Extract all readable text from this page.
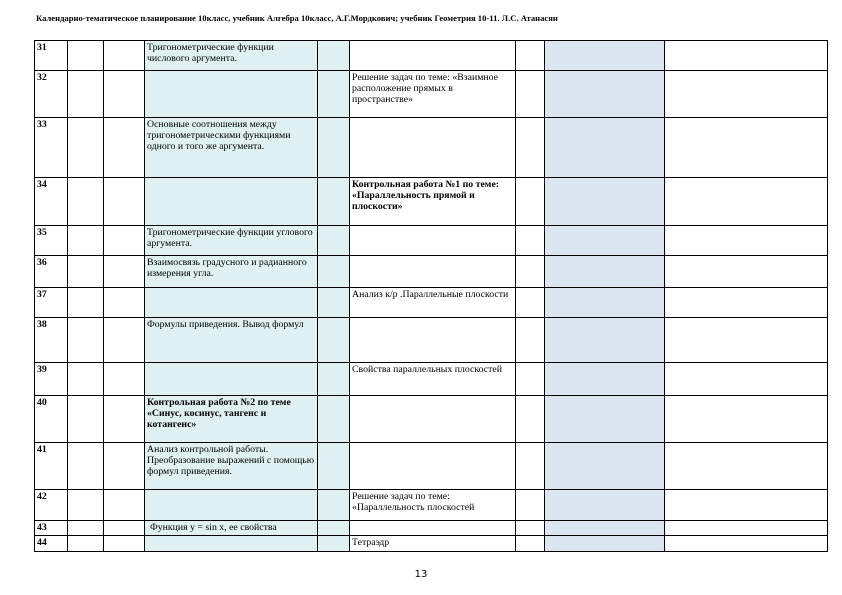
Календарно-тематическое планирование 10класс, учебник Алгебра 10класс, А.Г.Мордкович; учебник Геометрия 10-11. Л.С. Атанасян
31			Тригонометрические функции числового аргумента.					
32					Решение задач по теме: «Взаимное расположение прямых в пространстве»			
33			Основные соотношения между тригонометрическими функциями одного и того же аргумента.					
34					Контрольная работа №1 по теме: «Параллельность прямой и плоскости»			
35			Тригонометрические функции углового аргумента.					
36			Взаимосвязь градусного и радианного измерения угла.					
37					Анализ к/р .Параллельные плоскости			
38			Формулы приведения. Вывод формул					
39					Свойства параллельных плоскостей			
40			Контрольная работа №2 по теме «Синус, косинус, тангенс и котангенс»					
41			Анализ контрольной работы. Преобразование выражений с помощью формул приведения.					
42					Решение задач по теме: «Параллельность плоскостей			
43			Функция y = sin x, ее свойства					
44					Тетраэдр			
13
